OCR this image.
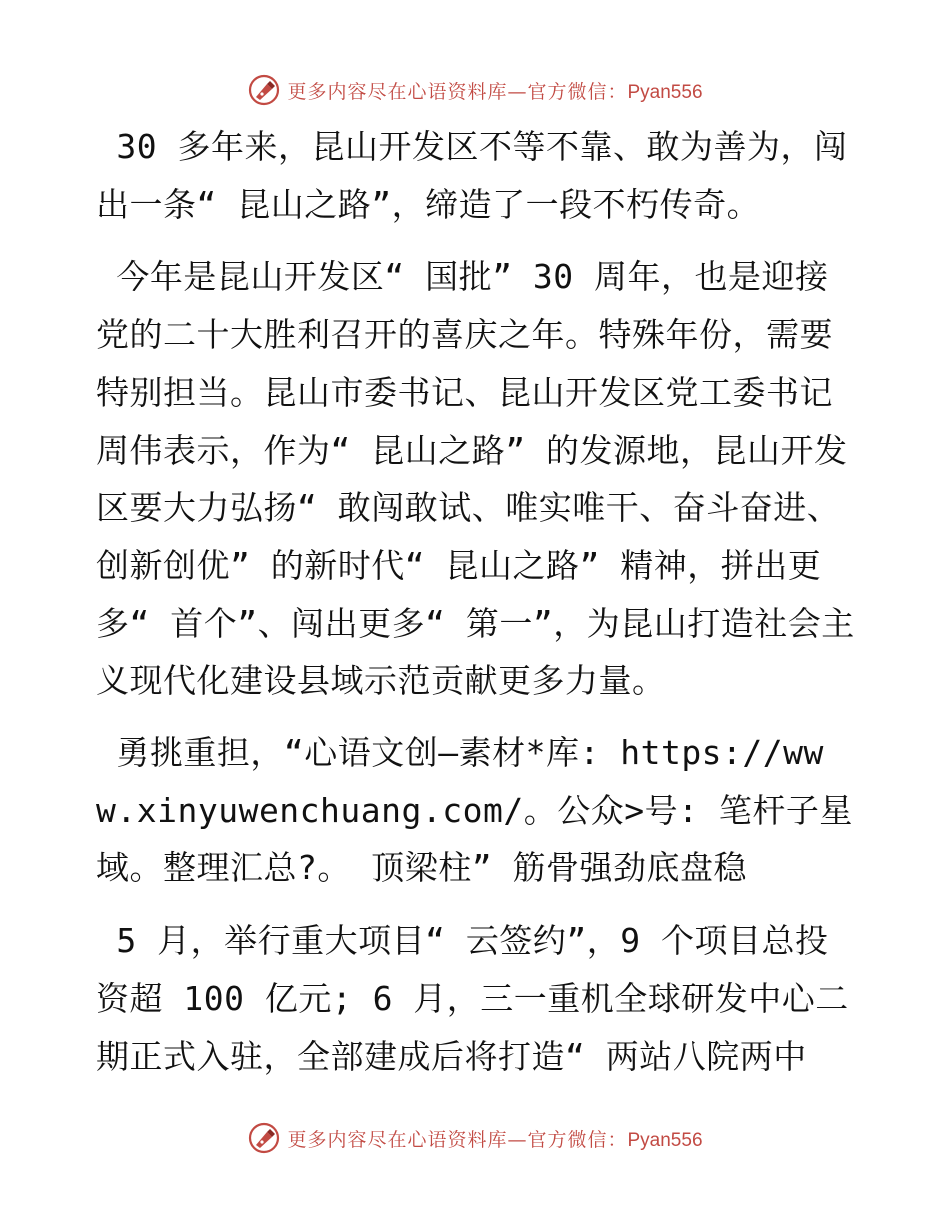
更多内容尽在心语资料库—官方微信：Pyan556

30 多年来，昆山开发区不等不靠、敢为善为，闯出一条“ 昆山之路”，缔造了一段不朽传奇。

今年是昆山开发区“ 国批” 30 周年，也是迎接党的二十大胜利召开的喜庆之年。特殊年份，需要特别担当。昆山市委书记、昆山开发区党工委书记周伟表示，作为“ 昆山之路” 的发源地，昆山开发区要大力弘扬“ 敢闯敢试、唯实唯干、奋斗奋进、创新创优” 的新时代“ 昆山之路” 精神，拼出更多“ 首个”、闯出更多“ 第一”，为昆山打造社会主义现代化建设县域示范贡献更多力量。

勇挑重担，“心语文创—素材*库: https://www.xinyuwenchuang.com/。公众>号: 笔杆子星域。整理汇总?。 顶梁柱” 筋骨强劲底盘稳

5 月，举行重大项目“ 云签约”，9 个项目总投资超 100 亿元; 6 月，三一重机全球研发中心二期正式入驻，全部建成后将打造“ 两站八院两中

更多内容尽在心语资料库—官方微信：Pyan556
